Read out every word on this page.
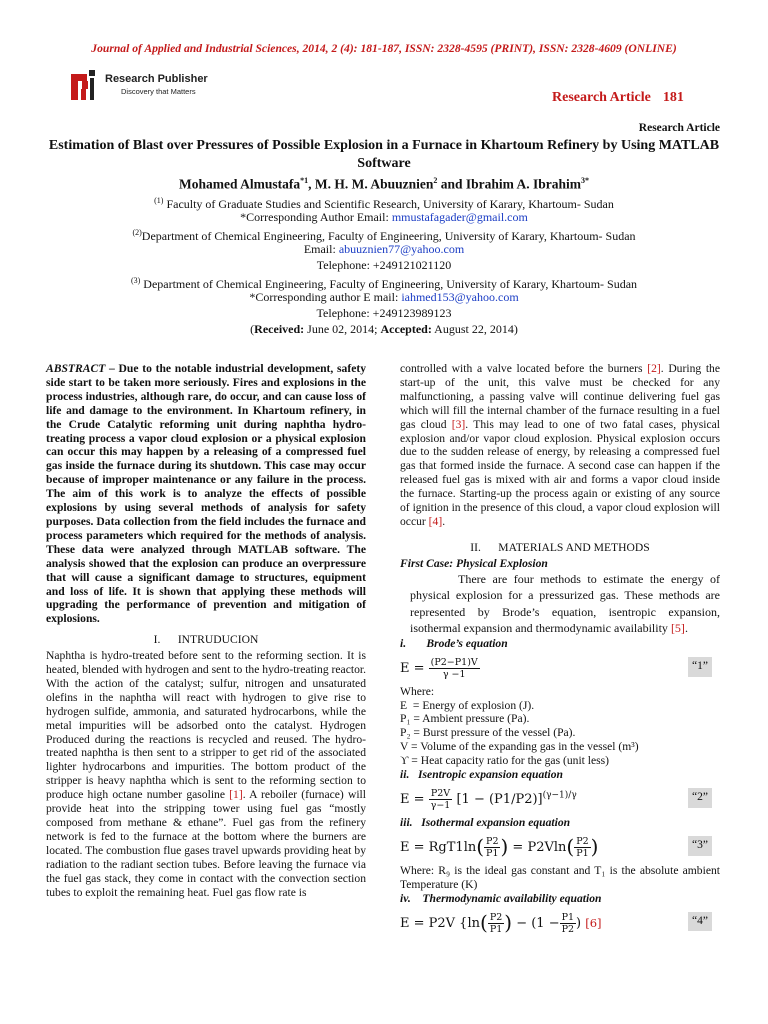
Journal of Applied and Industrial Sciences, 2014, 2 (4): 181-187, ISSN: 2328-4595 (PRINT), ISSN: 2328-4609 (ONLINE)
Research Publisher
Discovery that Matters	Research Article 181
Research Article
Estimation of Blast over Pressures of Possible Explosion in a Furnace in Khartoum Refinery by Using MATLAB Software
Mohamed Almustafa$^{*1}$, M. H. M. Abuuznien$^2$ and Ibrahim A. Ibrahim$^{3*}$
$^{(1)}$ Faculty of Graduate Studies and Scientific Research, University of Karary, Khartoum- Sudan
*Corresponding Author Email: mmustafagader@gmail.com
$^{(2)}$Department of Chemical Engineering, Faculty of Engineering, University of Karary, Khartoum- Sudan
Email: abuuznien77@yahoo.com
Telephone: +249121021120
$^{(3)}$ Department of Chemical Engineering, Faculty of Engineering, University of Karary, Khartoum- Sudan
*Corresponding author E mail: iahmed153@yahoo.com
Telephone: +249123989123
(Received: June 02, 2014; Accepted: August 22, 2014)

ABSTRACT – Due to the notable industrial development, safety side start to be taken more seriously. Fires and explosions in the process industries, although rare, do occur, and can cause loss of life and damage to the environment. In Khartoum refinery, in the Crude Catalytic reforming unit during naphtha hydro-treating process a vapor cloud explosion or a physical explosion can occur this may happen by a releasing of a compressed fuel gas inside the furnace during its shutdown. This case may occur because of improper maintenance or any failure in the process. The aim of this work is to analyze the effects of possible explosions by using several methods of analysis for safety purposes. Data collection from the field includes the furnace and process parameters which required for the methods of analysis. These data were analyzed through MATLAB software. The analysis showed that the explosion can produce an overpressure that will cause a significant damage to structures, equipment and loss of life. It is shown that applying these methods will upgrading the performance of prevention and mitigation of explosions.

I.      INTRUDUCION

Naphtha is hydro-treated before sent to the reforming section. It is heated, blended with hydrogen and sent to the hydro-treating reactor. With the action of the catalyst; sulfur, nitrogen and unsaturated olefins in the naphtha will react with hydrogen to give rise to hydrogen sulfide, ammonia, and saturated hydrocarbons, while the metal impurities will be adsorbed onto the catalyst. Hydrogen Produced during the reactions is recycled and reused. The hydro-treated naphtha is then sent to a stripper to get rid of the associated lighter hydrocarbons and impurities. The bottom product of the stripper is heavy naphtha which is sent to the reforming section to produce high octane number gasoline [1]. A reboiler (furnace) will provide heat into the stripping tower using fuel gas “mostly composed from methane & ethane”. Fuel gas from the refinery network is fed to the furnace at the bottom where the burners are located. The combustion flue gases travel upwards providing heat by radiation to the radiant section tubes. Before leaving the furnace via the fuel gas stack, they come in contact with the convection section tubes to exploit the remaining heat. Fuel gas flow rate is

controlled with a valve located before the burners [2]. During the start-up of the unit, this valve must be checked for any malfunctioning, a passing valve will continue delivering fuel gas which will fill the internal chamber of the furnace resulting in a fuel gas cloud [3]. This may lead to one of two fatal cases, physical explosion and/or vapor cloud explosion. Physical explosion occurs due to the sudden release of energy, by releasing a compressed fuel gas that formed inside the furnace. A second case can happen if the released fuel gas is mixed with air and forms a vapor cloud inside the furnace. Starting-up the process again or existing of any source of ignition in the presence of this cloud, a vapor cloud explosion will occur [4].

II.      MATERIALS AND METHODS

First Case: Physical Explosion

There are four methods to estimate the energy of physical explosion for a pressurized gas. These methods are represented by Brode’s equation, isentropic expansion, isothermal expansion and thermodynamic availability [5].

i.       Brode’s equation

$E = \frac{(P2-P1)V}{\gamma -1}$	“1”

Where:

E  = Energy of explosion (J).

P₁ = Ambient pressure (Pa).

P₂ = Burst pressure of the vessel (Pa).

V = Volume of the expanding gas in the vessel (m³)

ϒ = Heat capacity ratio for the gas (unit less)

ii.   Isentropic expansion equation

$E = \frac{P2V}{\gamma-1} [1 - (P1/P2)]^{(\gamma-1)/\gamma}$	“2”

iii.   Isothermal expansion equation

$E = RgT1\ln( \frac{P2}{P1}$ ) = $P2Vln( \frac{P2}{P1}$ )	“3”

Where: R₉ is the ideal gas constant and T₁ is the absolute ambient Temperature (K)

iv.    Thermodynamic availability equation

E = P2V {$\ln( \frac{P2}{P1}$ ) − ($1 - \frac{P1}{P2}$ ) [6]	“4”
